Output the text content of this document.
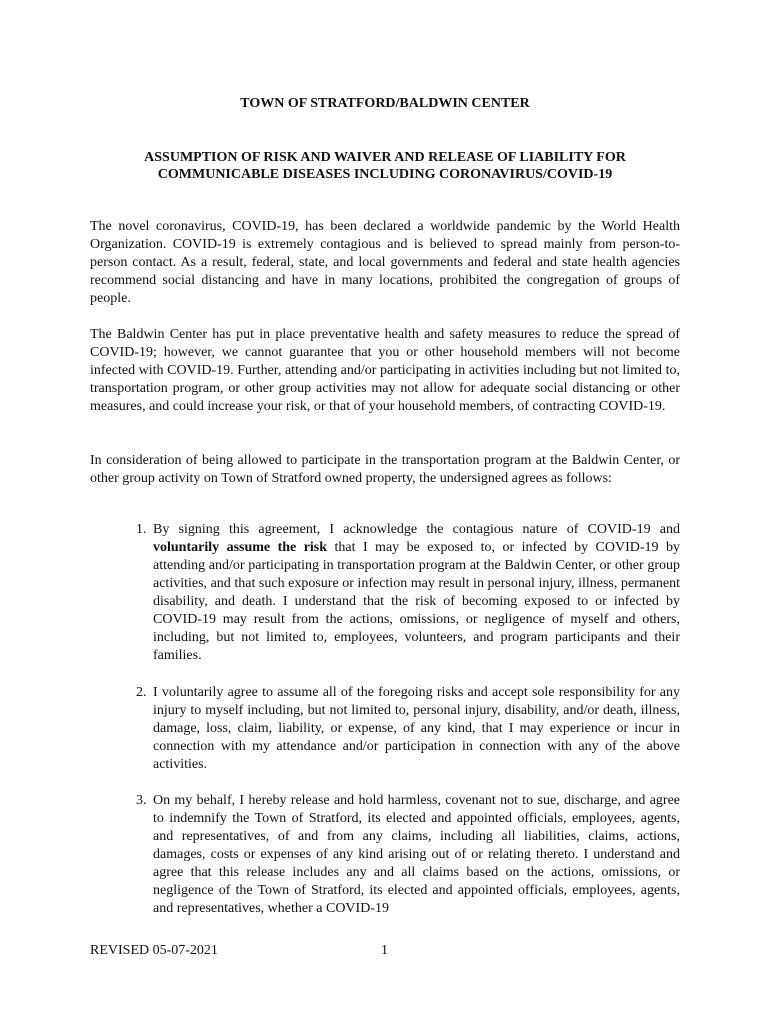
TOWN OF STRATFORD/BALDWIN CENTER
ASSUMPTION OF RISK AND WAIVER AND RELEASE OF LIABILITY FOR
COMMUNICABLE DISEASES INCLUDING CORONAVIRUS/COVID-19

The novel coronavirus, COVID-19, has been declared a worldwide pandemic by the World Health Organization. COVID-19 is extremely contagious and is believed to spread mainly from person-to-person contact. As a result, federal, state, and local governments and federal and state health agencies recommend social distancing and have in many locations, prohibited the congregation of groups of people.

The Baldwin Center has put in place preventative health and safety measures to reduce the spread of COVID-19; however, we cannot guarantee that you or other household members will not become infected with COVID-19. Further, attending and/or participating in activities including but not limited to, transportation program, or other group activities may not allow for adequate social distancing or other measures, and could increase your risk, or that of your household members, of contracting COVID-19.

In consideration of being allowed to participate in the transportation program at the Baldwin Center, or other group activity on Town of Stratford owned property, the undersigned agrees as follows:

1. By signing this agreement, I acknowledge the contagious nature of COVID-19 and voluntarily assume the risk that I may be exposed to, or infected by COVID-19 by attending and/or participating in transportation program at the Baldwin Center, or other group activities, and that such exposure or infection may result in personal injury, illness, permanent disability, and death. I understand that the risk of becoming exposed to or infected by COVID-19 may result from the actions, omissions, or negligence of myself and others, including, but not limited to, employees, volunteers, and program participants and their families.
2. I voluntarily agree to assume all of the foregoing risks and accept sole responsibility for any injury to myself including, but not limited to, personal injury, disability, and/or death, illness, damage, loss, claim, liability, or expense, of any kind, that I may experience or incur in connection with my attendance and/or participation in connection with any of the above activities.
3. On my behalf, I hereby release and hold harmless, covenant not to sue, discharge, and agree to indemnify the Town of Stratford, its elected and appointed officials, employees, agents, and representatives, of and from any claims, including all liabilities, claims, actions, damages, costs or expenses of any kind arising out of or relating thereto. I understand and agree that this release includes any and all claims based on the actions, omissions, or negligence of the Town of Stratford, its elected and appointed officials, employees, agents, and representatives, whether a COVID-19
REVISED 05-07-2021	1
